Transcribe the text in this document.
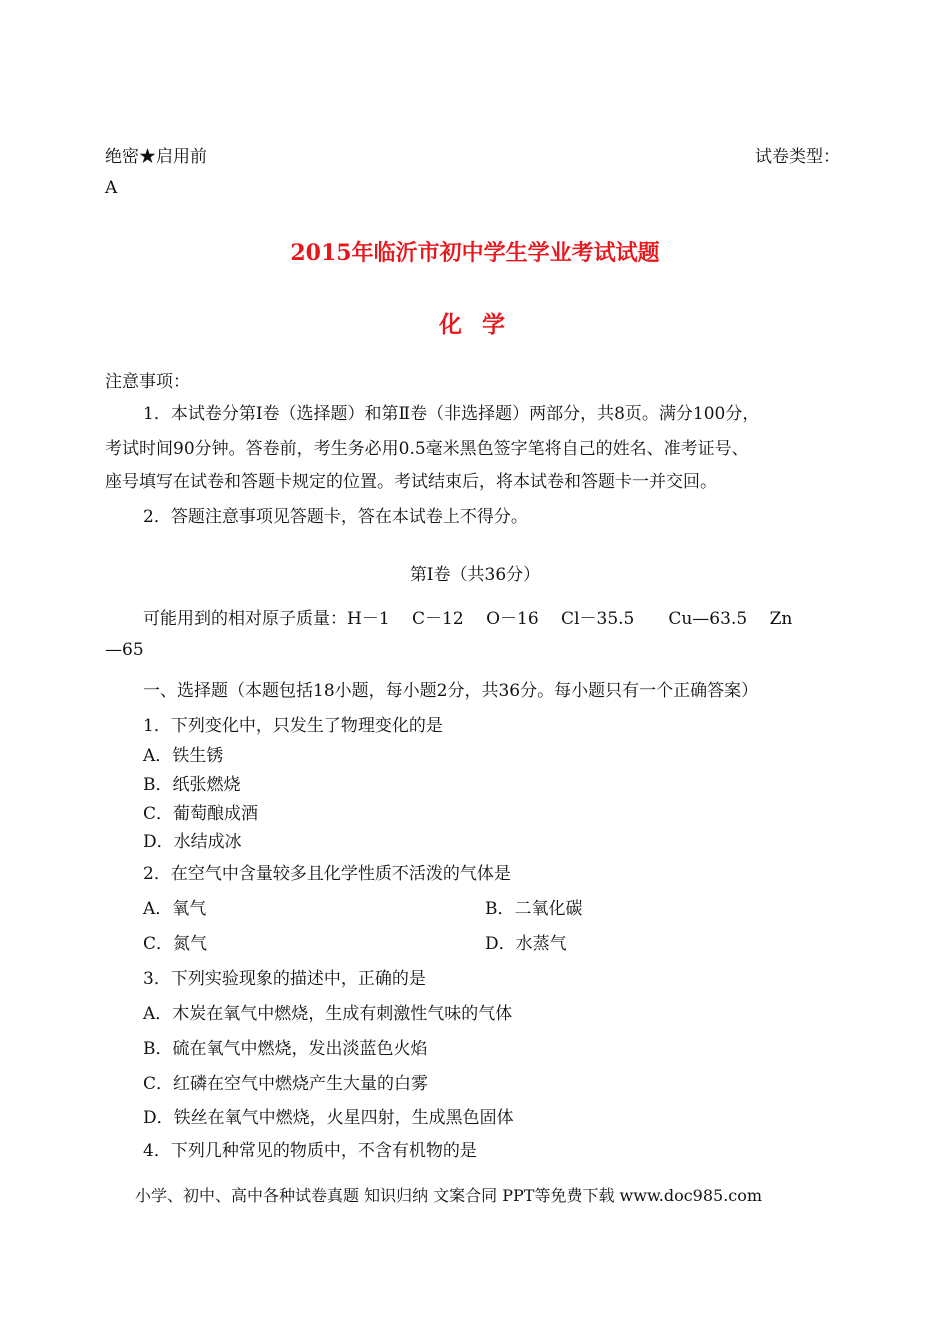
绝密★启用前	试卷类型：
A
2015年临沂市初中学生学业考试试题
化 学
注意事项：
1．本试卷分第Ⅰ卷（选择题）和第Ⅱ卷（非选择题）两部分，共8页。满分100分，
考试时间90分钟。答卷前，考生务必用0.5毫米黑色签字笔将自己的姓名、准考证号、
座号填写在试卷和答题卡规定的位置。考试结束后，将本试卷和答题卡一并交回。
2．答题注意事项见答题卡，答在本试卷上不得分。
第Ⅰ卷（共36分）
可能用到的相对原子质量：H－1　 C－12　 O－16　 Cl－35.5　　Cu—63.5　 Zn
—65
一、选择题（本题包括18小题，每小题2分，共36分。每小题只有一个正确答案）
1．下列变化中，只发生了物理变化的是
A．铁生锈
B．纸张燃烧
C．葡萄酿成酒
D．水结成冰
2．在空气中含量较多且化学性质不活泼的气体是
A．氧气	B．二氧化碳
C．氮气	D．水蒸气
3．下列实验现象的描述中，正确的是
A．木炭在氧气中燃烧，生成有刺激性气味的气体
B．硫在氧气中燃烧，发出淡蓝色火焰
C．红磷在空气中燃烧产生大量的白雾
D．铁丝在氧气中燃烧，火星四射，生成黑色固体
4．下列几种常见的物质中，不含有机物的是
小学、初中、高中各种试卷真题 知识归纳 文案合同 PPT等免费下载 www.doc985.com
